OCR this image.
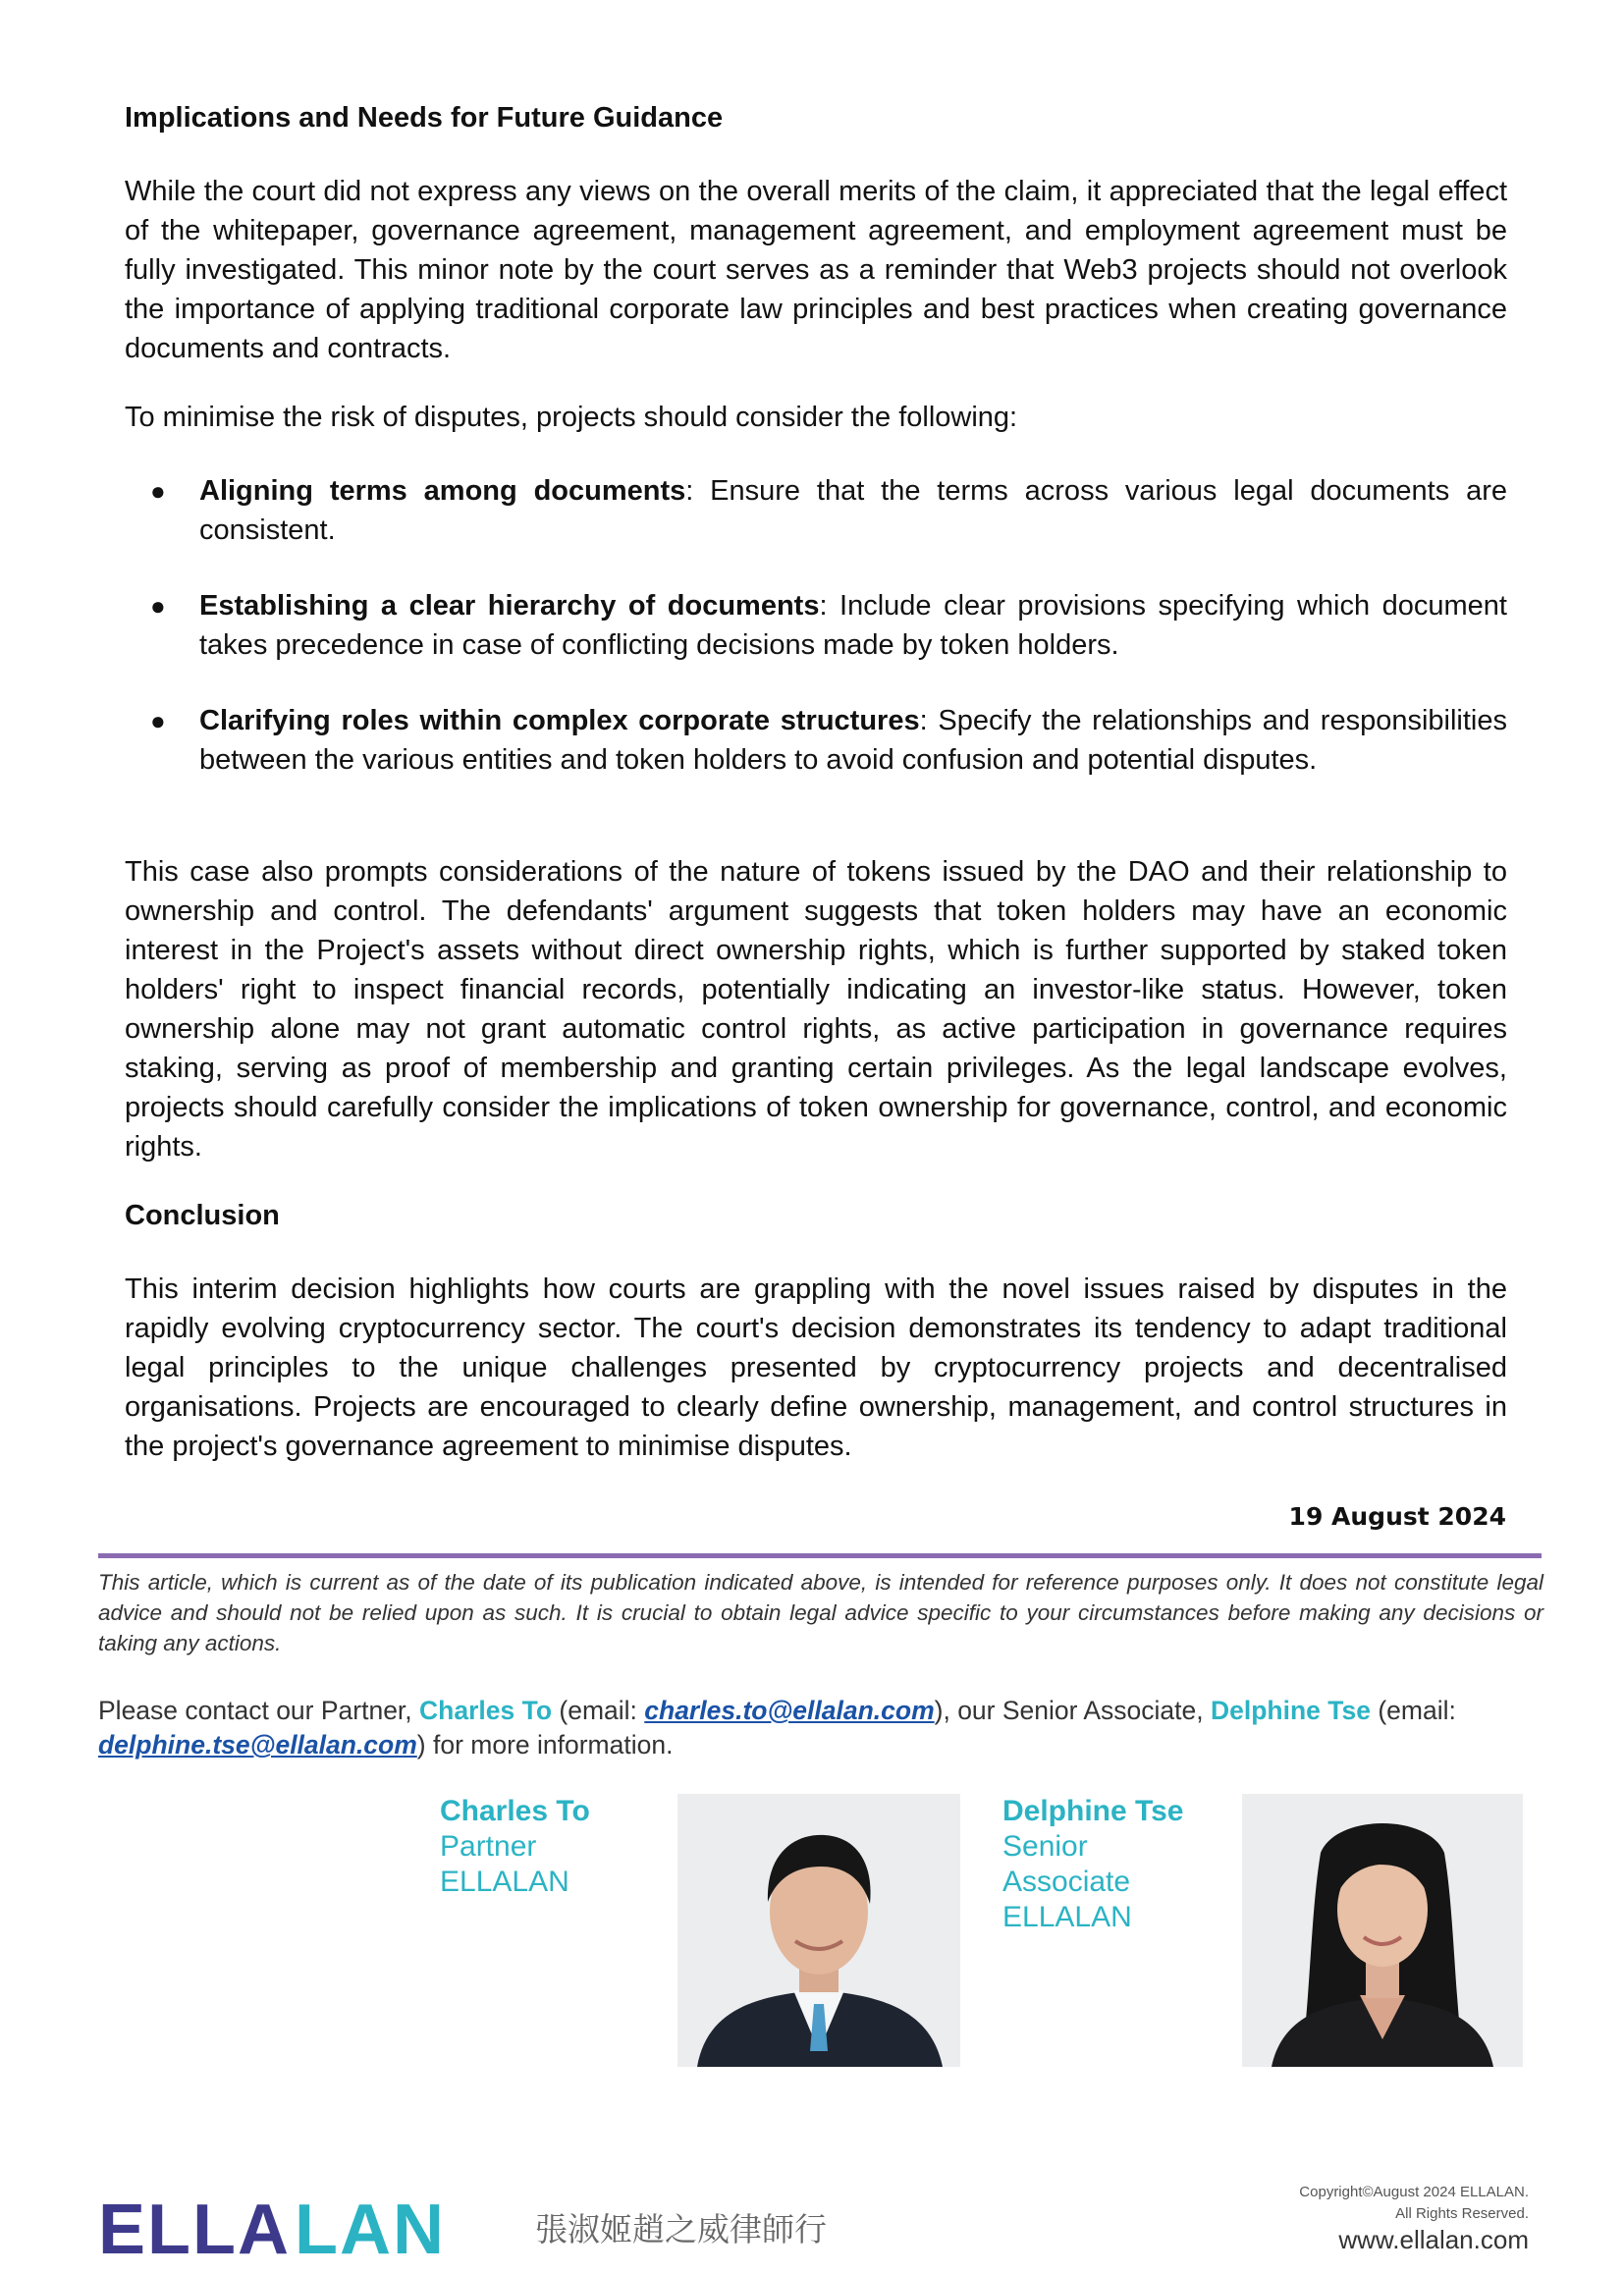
Implications and Needs for Future Guidance

While the court did not express any views on the overall merits of the claim, it appreciated that the legal effect of the whitepaper, governance agreement, management agreement, and employment agreement must be fully investigated. This minor note by the court serves as a reminder that Web3 projects should not overlook the importance of applying traditional corporate law principles and best practices when creating governance documents and contracts.

To minimise the risk of disputes, projects should consider the following:

● Aligning terms among documents: Ensure that the terms across various legal documents are consistent.
● Establishing a clear hierarchy of documents: Include clear provisions specifying which document takes precedence in case of conflicting decisions made by token holders.
● Clarifying roles within complex corporate structures: Specify the relationships and responsibilities between the various entities and token holders to avoid confusion and potential disputes.

This case also prompts considerations of the nature of tokens issued by the DAO and their relationship to ownership and control. The defendants' argument suggests that token holders may have an economic interest in the Project's assets without direct ownership rights, which is further supported by staked token holders' right to inspect financial records, potentially indicating an investor-like status. However, token ownership alone may not grant automatic control rights, as active participation in governance requires staking, serving as proof of membership and granting certain privileges. As the legal landscape evolves, projects should carefully consider the implications of token ownership for governance, control, and economic rights.

Conclusion

This interim decision highlights how courts are grappling with the novel issues raised by disputes in the rapidly evolving cryptocurrency sector. The court's decision demonstrates its tendency to adapt traditional legal principles to the unique challenges presented by cryptocurrency projects and decentralised organisations. Projects are encouraged to clearly define ownership, management, and control structures in the project's governance agreement to minimise disputes.

19 August 2024

This article, which is current as of the date of its publication indicated above, is intended for reference purposes only. It does not constitute legal advice and should not be relied upon as such. It is crucial to obtain legal advice specific to your circumstances before making any decisions or taking any actions.

Please contact our Partner, Charles To (email: charles.to@ellalan.com), our Senior Associate, Delphine Tse (email: delphine.tse@ellalan.com) for more information.

Charles To
Partner
ELLALAN
Delphine Tse
Senior
Associate
ELLALAN
ELLA LAN	張淑姬趙之威律師行
Copyright©August 2024 ELLALAN.
All Rights Reserved.
www.ellalan.com
